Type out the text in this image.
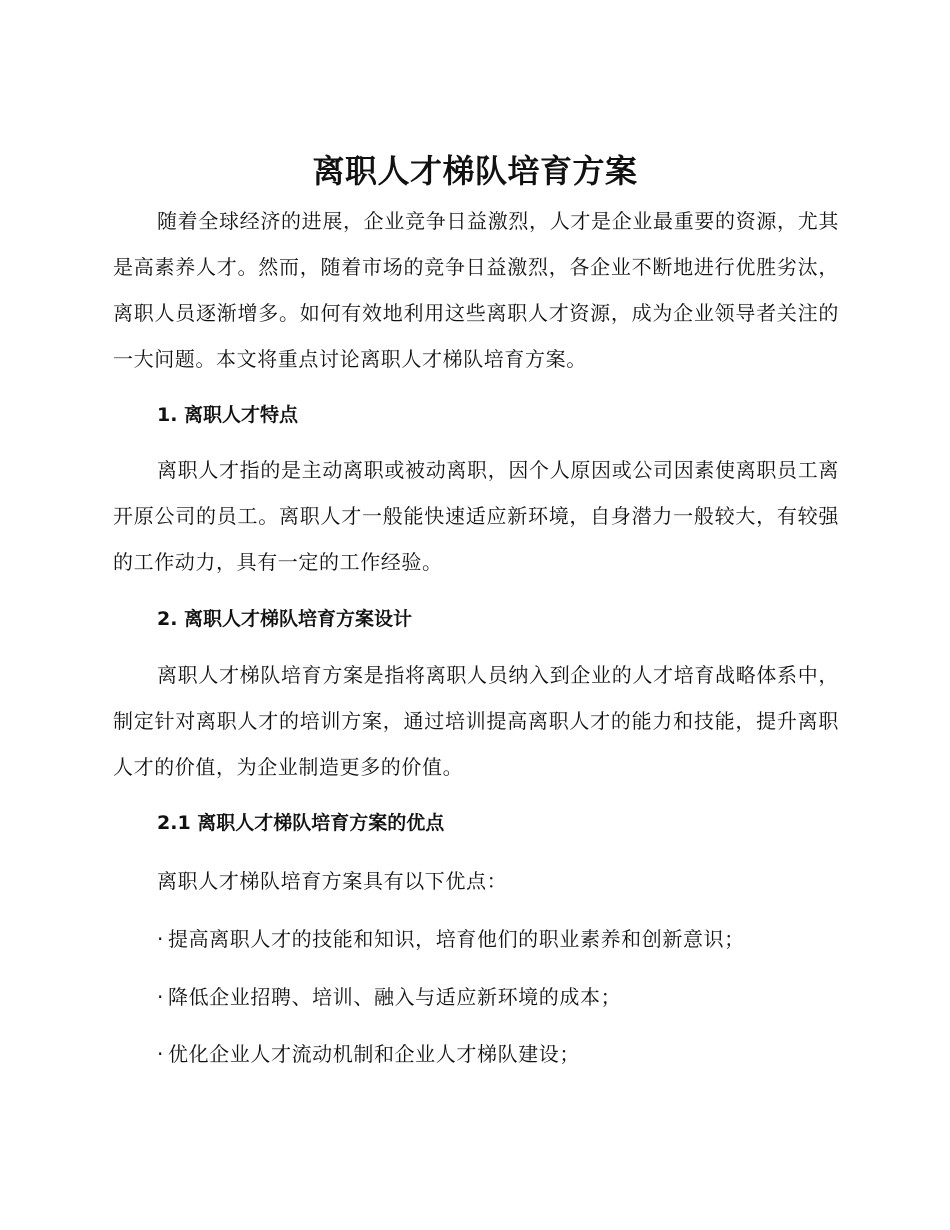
离职人才梯队培育方案

随着全球经济的进展，企业竞争日益激烈，人才是企业最重要的资源，尤其是高素养人才。然而，随着市场的竞争日益激烈，各企业不断地进行优胜劣汰，离职人员逐渐增多。如何有效地利用这些离职人才资源，成为企业领导者关注的一大问题。本文将重点讨论离职人才梯队培育方案。

1. 离职人才特点

离职人才指的是主动离职或被动离职，因个人原因或公司因素使离职员工离开原公司的员工。离职人才一般能快速适应新环境，自身潜力一般较大，有较强的工作动力，具有一定的工作经验。

2. 离职人才梯队培育方案设计

离职人才梯队培育方案是指将离职人员纳入到企业的人才培育战略体系中，制定针对离职人才的培训方案，通过培训提高离职人才的能力和技能，提升离职人才的价值，为企业制造更多的价值。

2.1 离职人才梯队培育方案的优点
离职人才梯队培育方案具有以下优点：
· 提高离职人才的技能和知识，培育他们的职业素养和创新意识；
· 降低企业招聘、培训、融入与适应新环境的成本；
· 优化企业人才流动机制和企业人才梯队建设；
